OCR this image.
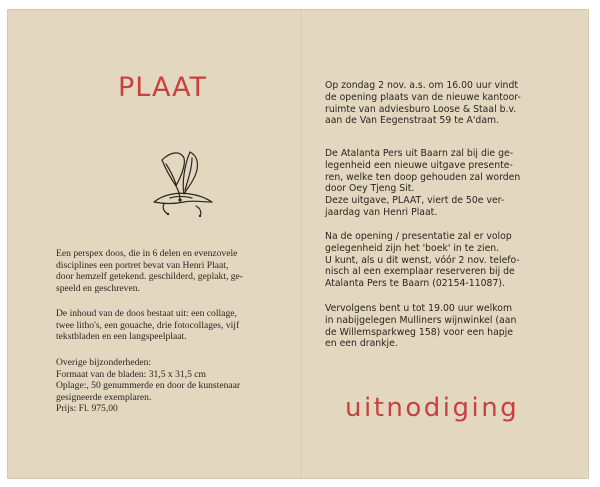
PLAAT

Een perspex doos, die in 6 delen en evenzovele
disciplines een portret bevat van Henri Plaat,
door hemzelf getekend. geschilderd, geplakt, ge-
speeld en geschreven.

De inhoud van de doos bestaat uit: een collage,
twee litho's, een gouache, drie fotocollages, vijf
tekstbladen en een langspeelplaat.

Overige bijzonderheden:
Formaat van de bladen: 31,5 x 31,5 cm
Oplage:, 50 genummerde en door de kunstenaar
gesigneerde exemplaren.
Prijs: Fl. 975,00

Op zondag 2 nov. a.s. om 16.00 uur vindt
de opening plaats van de nieuwe kantoor-
ruimte van adviesburo Loose & Staal b.v.
aan de Van Eegenstraat 59 te A'dam.

De Atalanta Pers uit Baarn zal bij die ge-
legenheid een nieuwe uitgave presente-
ren, welke ten doop gehouden zal worden
door Oey Tjeng Sit.
Deze uitgave, PLAAT, viert de 50e ver-
jaardag van Henri Plaat.

Na de opening / presentatie zal er volop
gelegenheid zijn het 'boek' in te zien.
U kunt, als u dit wenst, vóór 2 nov. telefo-
nisch al een exemplaar reserveren bij de
Atalanta Pers te Baarn (02154-11087).

Vervolgens bent u tot 19.00 uur welkom
in nabijgelegen Mulliners wijnwinkel (aan
de Willemsparkweg 158) voor een hapje
en een drankje.

uitnodiging
